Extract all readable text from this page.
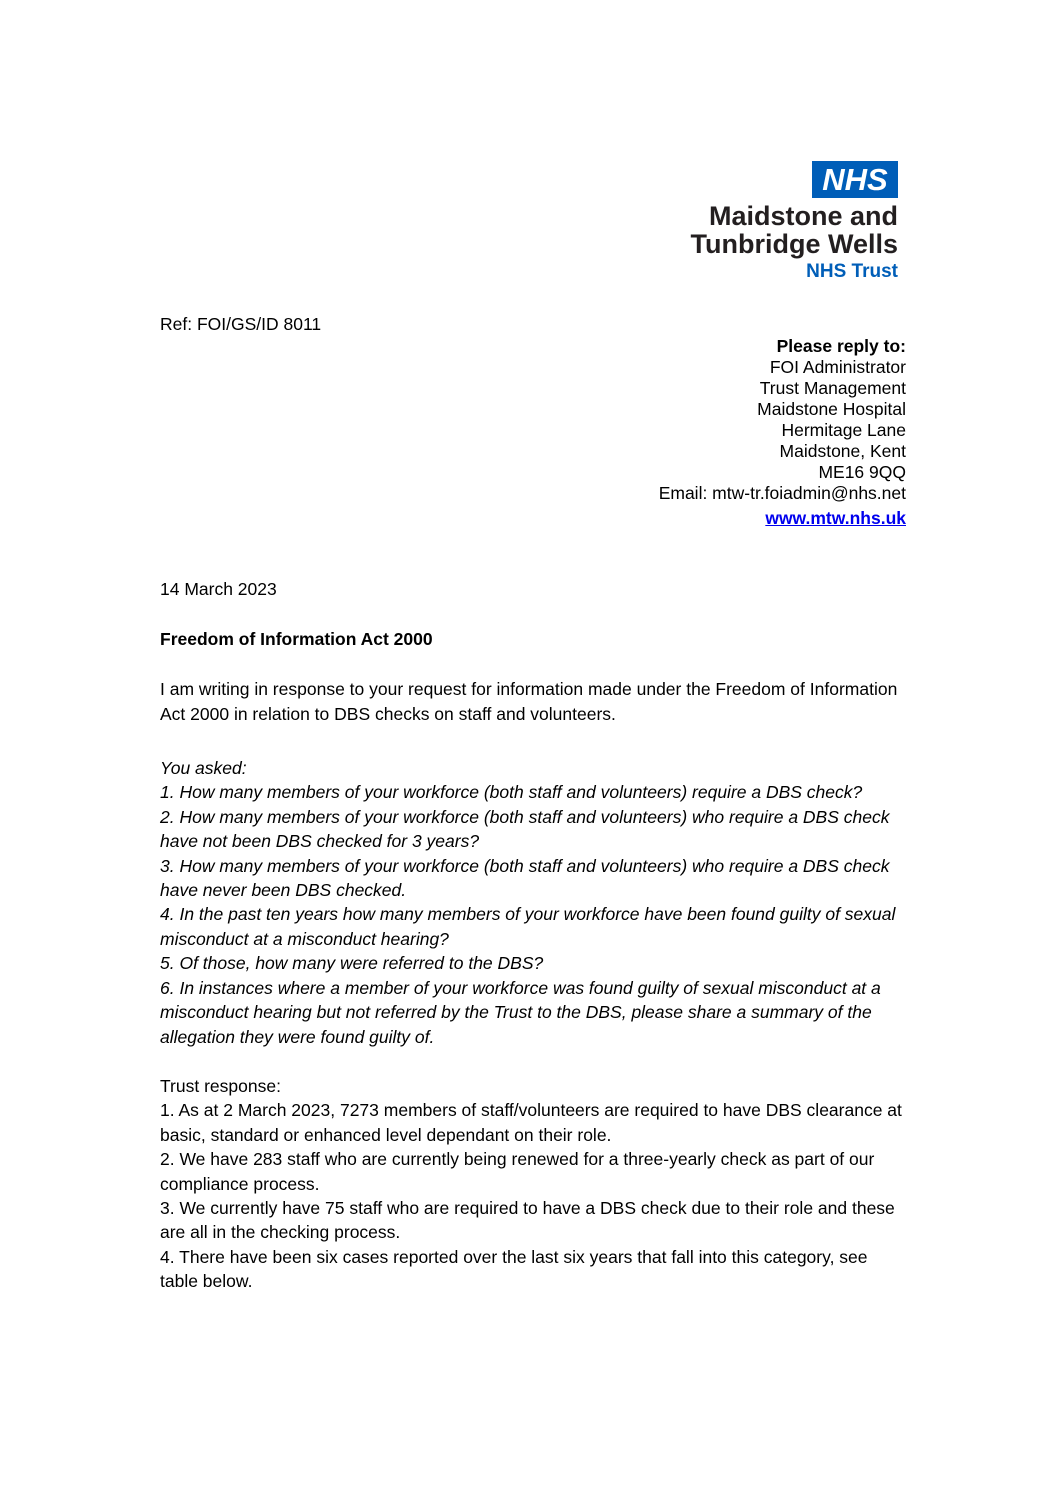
NHS
Maidstone and
Tunbridge Wells
NHS Trust
Ref: FOI/GS/ID 8011
Please reply to:
FOI Administrator
Trust Management
Maidstone Hospital
Hermitage Lane
Maidstone, Kent
ME16 9QQ
Email: mtw-tr.foiadmin@nhs.net
www.mtw.nhs.uk
14 March 2023
Freedom of Information Act 2000
I am writing in response to your request for information made under the Freedom of Information Act 2000 in relation to DBS checks on staff and volunteers.
You asked:
1. How many members of your workforce (both staff and volunteers) require a DBS check?
2. How many members of your workforce (both staff and volunteers) who require a DBS check have not been DBS checked for 3 years?
3. How many members of your workforce (both staff and volunteers) who require a DBS check have never been DBS checked.
4. In the past ten years how many members of your workforce have been found guilty of sexual misconduct at a misconduct hearing?
5. Of those, how many were referred to the DBS?
6. In instances where a member of your workforce was found guilty of sexual misconduct at a misconduct hearing but not referred by the Trust to the DBS, please share a summary of the allegation they were found guilty of.
Trust response:
1. As at 2 March 2023, 7273 members of staff/volunteers are required to have DBS clearance at basic, standard or enhanced level dependant on their role.
2. We have 283 staff who are currently being renewed for a three-yearly check as part of our compliance process.
3. We currently have 75 staff who are required to have a DBS check due to their role and these are all in the checking process.
4. There have been six cases reported over the last six years that fall into this category, see table below.
